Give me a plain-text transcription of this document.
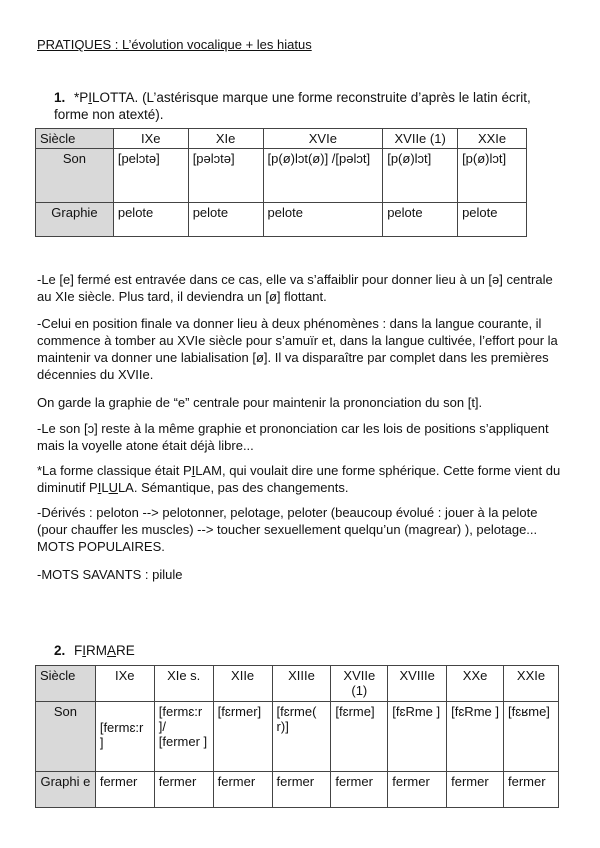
PRATIQUES : L’évolution vocalique + les hiatus
1. *PILOTTA. (L’astérisque marque une forme reconstruite d’après le latin écrit, forme non atexté).
Siècle	IXe	XIe	XVIe	XVIIe (1)	XXIe
Son	[pelɔtə]	[pəlɔtə]	[p(ø)lɔt(ø)] /[pəlɔt]	[p(ø)lɔt]	[p(ø)lɔt]
Graphie	pelote	pelote	pelote	pelote	pelote

-Le [e] fermé est entravée dans ce cas, elle va s’affaiblir pour donner lieu à un [ə] centrale au XIe siècle. Plus tard, il deviendra un [ø] flottant.

-Celui en position finale va donner lieu à deux phénomènes : dans la langue courante, il commence à tomber au XVIe siècle pour s’amuïr et, dans la langue cultivée, l’effort pour la maintenir va donner une labialisation [ø]. Il va disparaître par complet dans les premières décennies du XVIIe.

On garde la graphie de “e” centrale pour maintenir la prononciation du son [t].

-Le son [ɔ] reste à la même graphie et prononciation car les lois de positions s’appliquent mais la voyelle atone était déjà libre...

*La forme classique était PILAM, qui voulait dire une forme sphérique. Cette forme vient du diminutif PILULA. Sémantique, pas des changements.

-Dérivés : peloton --> pelotonner, pelotage, peloter (beaucoup évolué : jouer à la pelote (pour chauffer les muscles) --> toucher sexuellement quelqu’un (magrear) ), pelotage... MOTS POPULAIRES.

-MOTS SAVANTS : pilule

2. FIRMARE
Siècle	IXe	XIe s.	XIIe	XIIIe	XVIIe (1)	XVIIIe	XXe	XXIe
Son	[fermɛ:r ]	[fermɛ:r ]/ [fermer ]	[fɛrmer]	[fɛrme( r)]	[fɛrme]	[fɛRme ]	[fɛRme ]	[fɛʁme]
Graphi e	fermer	fermer	fermer	fermer	fermer	fermer	fermer	fermer
